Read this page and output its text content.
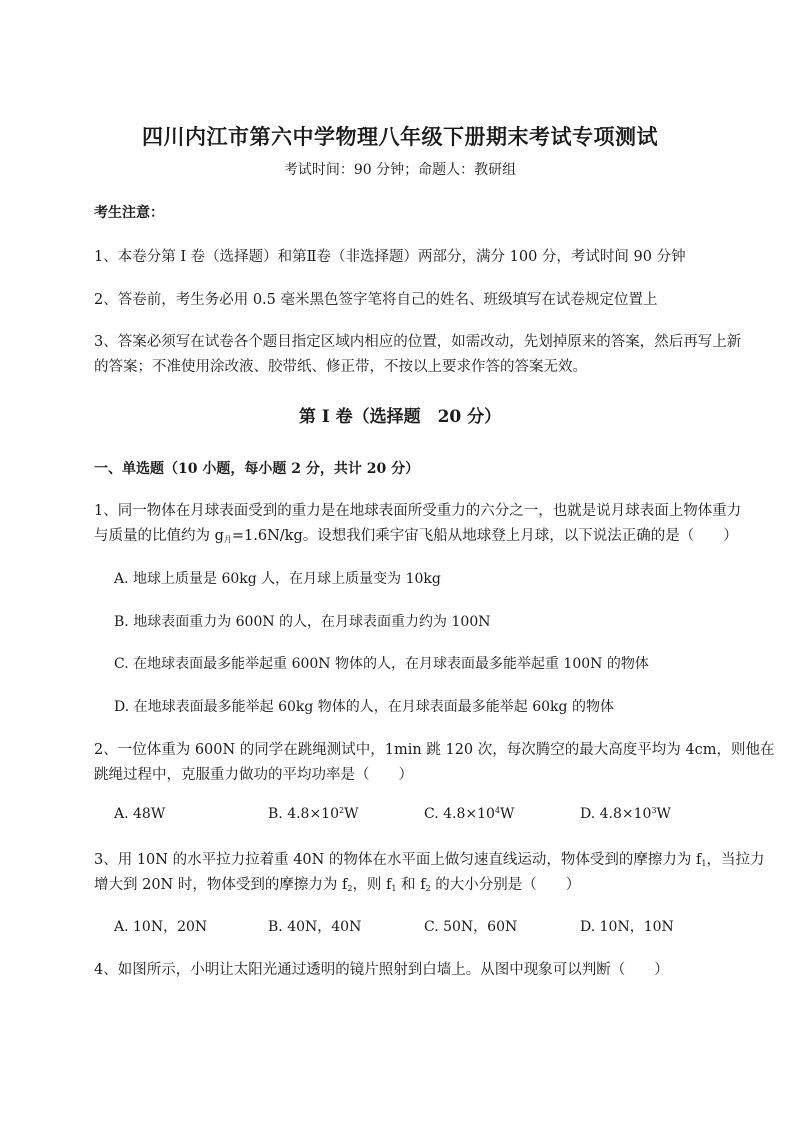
四川内江市第六中学物理八年级下册期末考试专项测试
考试时间：90 分钟；命题人：教研组
考生注意：
1、本卷分第 I 卷（选择题）和第Ⅱ卷（非选择题）两部分，满分 100 分，考试时间 90 分钟
2、答卷前，考生务必用 0.5 毫米黑色签字笔将自己的姓名、班级填写在试卷规定位置上
3、答案必须写在试卷各个题目指定区域内相应的位置，如需改动，先划掉原来的答案，然后再写上新
的答案；不准使用涂改液、胶带纸、修正带，不按以上要求作答的答案无效。
第 I 卷（选择题　20 分）
一、单选题（10 小题，每小题 2 分，共计 20 分）
1、同一物体在月球表面受到的重力是在地球表面所受重力的六分之一，也就是说月球表面上物体重力
与质量的比值约为 $g_月=1.6N/kg$。设想我们乘宇宙飞船从地球登上月球，以下说法正确的是（　　）
A. 地球上质量是 60kg 人，在月球上质量变为 10kg
B. 地球表面重力为 600N 的人，在月球表面重力约为 100N
C. 在地球表面最多能举起重 600N 物体的人，在月球表面最多能举起重 100N 的物体
D. 在地球表面最多能举起 60kg 物体的人，在月球表面最多能举起 60kg 的物体
2、一位体重为 600N 的同学在跳绳测试中，1min 跳 120 次，每次腾空的最大高度平均为 4cm，则他在
跳绳过程中，克服重力做功的平均功率是（　　）
A. 48W	B. $4.8\times 10^2W$	C. $4.8\times 10^4W$	D. $4.8\times 10^3W$
3、用 10N 的水平拉力拉着重 40N 的物体在水平面上做匀速直线运动，物体受到的摩擦力为 $f_1$，当拉力
增大到 20N 时，物体受到的摩擦力为 $f_2$，则 $f_1$ 和 $f_2$ 的大小分别是（　　）
A. 10N，20N	B. 40N，40N	C. 50N，60N	D. 10N，10N
4、如图所示，小明让太阳光通过透明的镜片照射到白墙上。从图中现象可以判断（　　）
